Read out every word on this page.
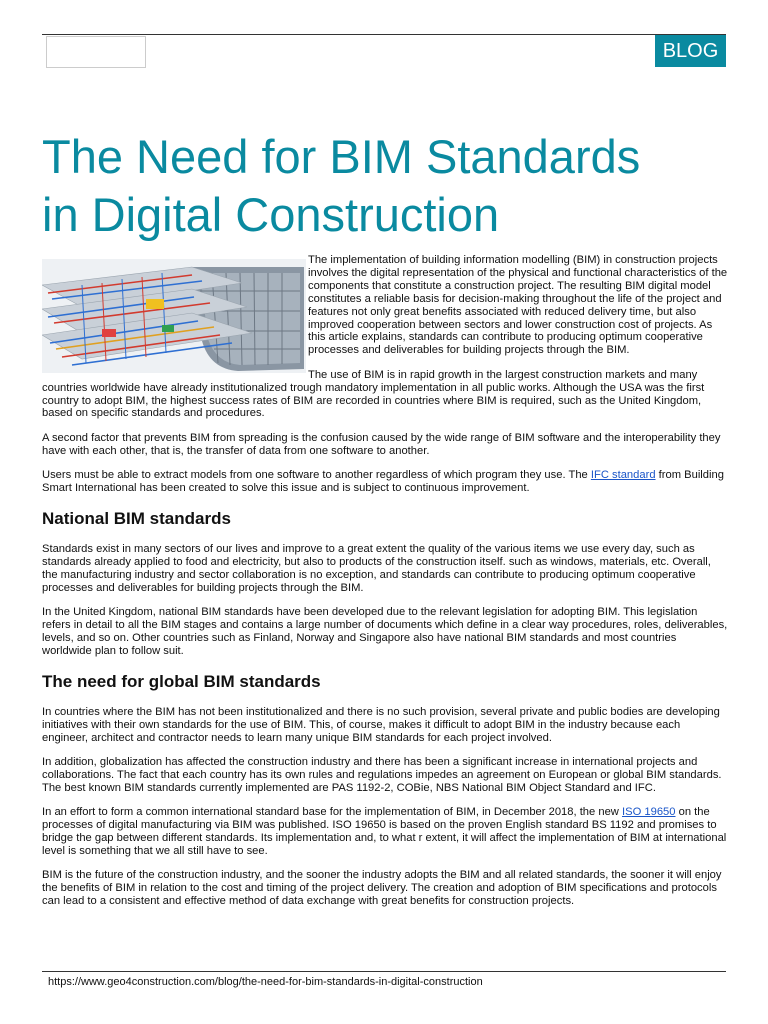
BLOG
The Need for BIM Standards
in Digital Construction

The implementation of building information modelling (BIM) in construction projects involves the digital representation of the physical and functional characteristics of the components that constitute a construction project. The resulting BIM digital model constitutes a reliable basis for decision-making throughout the life of the project and features not only great benefits associated with reduced delivery time, but also improved cooperation between sectors and lower construction cost of projects. As this article explains, standards can contribute to producing optimum cooperative processes and deliverables for building projects through the BIM.

The use of BIM is in rapid growth in the largest construction markets and many countries worldwide have already institutionalized trough mandatory implementation in all public works. Although the USA was the first country to adopt BIM, the highest success rates of BIM are recorded in countries where BIM is required, such as the United Kingdom, based on specific standards and procedures.

A second factor that prevents BIM from spreading is the confusion caused by the wide range of BIM software and the interoperability they have with each other, that is, the transfer of data from one software to another.

Users must be able to extract models from one software to another regardless of which program they use. The IFC standard from Building Smart International has been created to solve this issue and is subject to continuous improvement.

National BIM standards

Standards exist in many sectors of our lives and improve to a great extent the quality of the various items we use every day, such as standards already applied to food and electricity, but also to products of the construction itself. such as windows, materials, etc. Overall, the manufacturing industry and sector collaboration is no exception, and standards can contribute to producing optimum cooperative processes and deliverables for building projects through the BIM.

In the United Kingdom, national BIM standards have been developed due to the relevant legislation for adopting BIM. This legislation refers in detail to all the BIM stages and contains a large number of documents which define in a clear way procedures, roles, deliverables, levels, and so on. Other countries such as Finland, Norway and Singapore also have national BIM standards and most countries worldwide plan to follow suit.

The need for global BIM standards

In countries where the BIM has not been institutionalized and there is no such provision, several private and public bodies are developing initiatives with their own standards for the use of BIM. This, of course, makes it difficult to adopt BIM in the industry because each engineer, architect and contractor needs to learn many unique BIM standards for each project involved.

In addition, globalization has affected the construction industry and there has been a significant increase in international projects and collaborations. The fact that each country has its own rules and regulations impedes an agreement on European or global BIM standards. The best known BIM standards currently implemented are PAS 1192-2, COBie, NBS National BIM Object Standard and IFC.

In an effort to form a common international standard base for the implementation of BIM, in December 2018, the new ISO 19650 on the processes of digital manufacturing via BIM was published. ISO 19650 is based on the proven English standard BS 1192 and promises to bridge the gap between different standards. Its implementation and, to what r extent, it will affect the implementation of BIM at international level is something that we all still have to see.

BIM is the future of the construction industry, and the sooner the industry adopts the BIM and all related standards, the sooner it will enjoy the benefits of BIM in relation to the cost and timing of the project delivery. The creation and adoption of BIM specifications and protocols can lead to a consistent and effective method of data exchange with great benefits for construction projects.

https://www.geo4construction.com/blog/the-need-for-bim-standards-in-digital-construction
